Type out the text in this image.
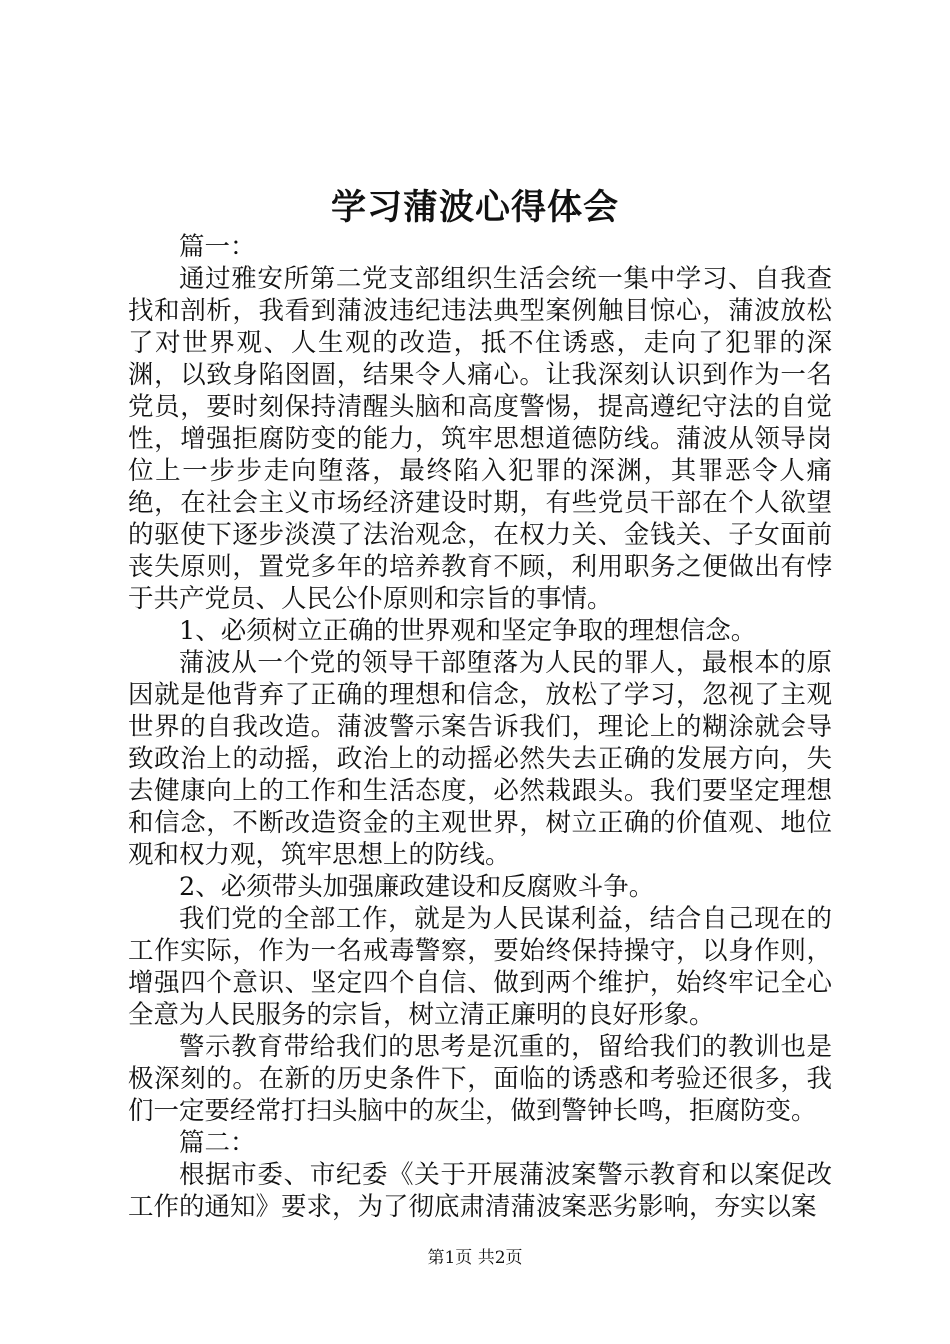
学习蒲波心得体会

篇一：

通过雅安所第二党支部组织生活会统一集中学习、自我查找和剖析，我看到蒲波违纪违法典型案例触目惊心，蒲波放松了对世界观、人生观的改造，抵不住诱惑，走向了犯罪的深渊，以致身陷囹圄，结果令人痛心。让我深刻认识到作为一名党员，要时刻保持清醒头脑和高度警惕，提高遵纪守法的自觉性，增强拒腐防变的能力，筑牢思想道德防线。蒲波从领导岗位上一步步走向堕落，最终陷入犯罪的深渊，其罪恶令人痛绝，在社会主义市场经济建设时期，有些党员干部在个人欲望的驱使下逐步淡漠了法治观念，在权力关、金钱关、子女面前丧失原则，置党多年的培养教育不顾，利用职务之便做出有悖于共产党员、人民公仆原则和宗旨的事情。

1、必须树立正确的世界观和坚定争取的理想信念。

蒲波从一个党的领导干部堕落为人民的罪人，最根本的原因就是他背弃了正确的理想和信念，放松了学习，忽视了主观世界的自我改造。蒲波警示案告诉我们，理论上的糊涂就会导致政治上的动摇，政治上的动摇必然失去正确的发展方向，失去健康向上的工作和生活态度，必然栽跟头。我们要坚定理想和信念，不断改造资金的主观世界，树立正确的价值观、地位观和权力观，筑牢思想上的防线。

2、必须带头加强廉政建设和反腐败斗争。

我们党的全部工作，就是为人民谋利益，结合自己现在的工作实际，作为一名戒毒警察，要始终保持操守，以身作则，增强四个意识、坚定四个自信、做到两个维护，始终牢记全心全意为人民服务的宗旨，树立清正廉明的良好形象。

警示教育带给我们的思考是沉重的，留给我们的教训也是极深刻的。在新的历史条件下，面临的诱惑和考验还很多，我们一定要经常打扫头脑中的灰尘，做到警钟长鸣，拒腐防变。

篇二：

根据市委、市纪委《关于开展蒲波案警示教育和以案促改工作的通知》要求，为了彻底肃清蒲波案恶劣影响，夯实以案

第1页 共2页
